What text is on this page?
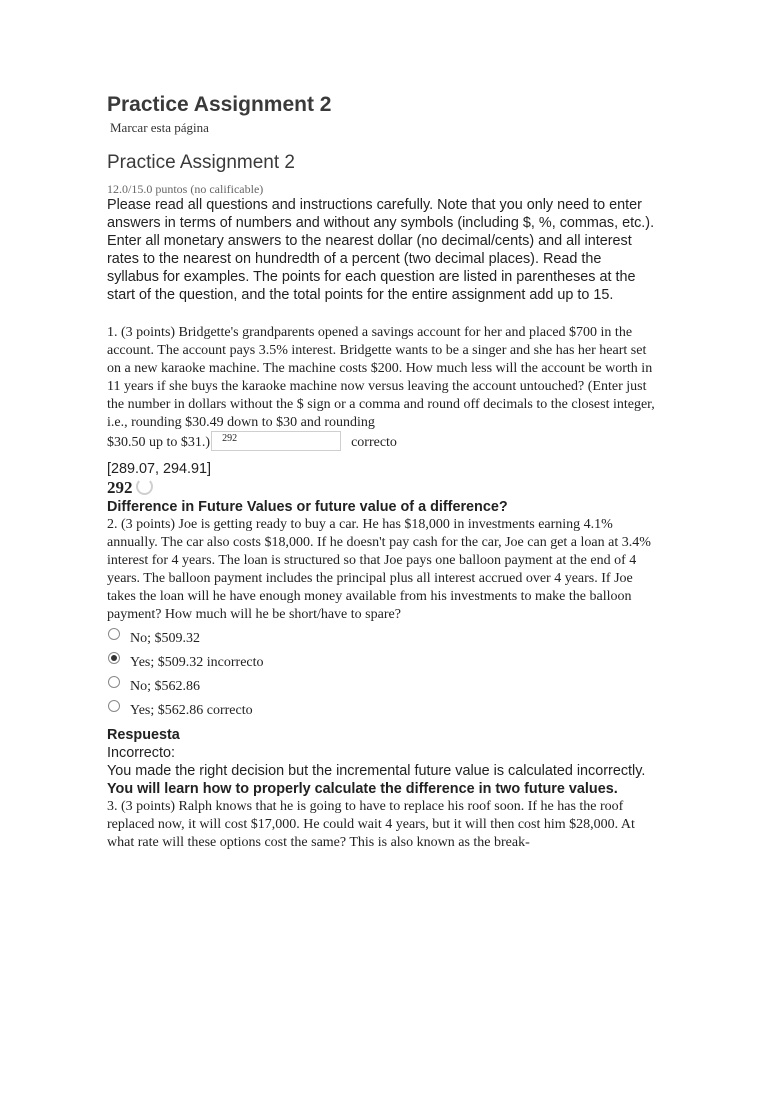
Practice Assignment 2
Marcar esta página
Practice Assignment 2
12.0/15.0 puntos (no calificable)
Please read all questions and instructions carefully. Note that you only need to enter answers in terms of numbers and without any symbols (including $, %, commas, etc.). Enter all monetary answers to the nearest dollar (no decimal/cents) and all interest rates to the nearest on hundredth of a percent (two decimal places). Read the syllabus for examples. The points for each question are listed in parentheses at the start of the question, and the total points for the entire assignment add up to 15.
1. (3 points) Bridgette's grandparents opened a savings account for her and placed $700 in the account. The account pays 3.5% interest. Bridgette wants to be a singer and she has her heart set on a new karaoke machine. The machine costs $200. How much less will the account be worth in 11 years if she buys the karaoke machine now versus leaving the account untouched? (Enter just the number in dollars without the $ sign or a comma and round off decimals to the closest integer, i.e., rounding $30.49 down to $30 and rounding
$30.50 up to $31.)	292	correcto
[289.07, 294.91]
292
Difference in Future Values or future value of a difference?
2. (3 points) Joe is getting ready to buy a car. He has $18,000 in investments earning 4.1% annually. The car also costs $18,000. If he doesn't pay cash for the car, Joe can get a loan at 3.4% interest for 4 years. The loan is structured so that Joe pays one balloon payment at the end of 4 years. The balloon payment includes the principal plus all interest accrued over 4 years. If Joe takes the loan will he have enough money available from his investments to make the balloon payment? How much will he be short/have to spare?
No; $509.32
Yes; $509.32 incorrecto
No; $562.86
Yes; $562.86 correcto
Respuesta
Incorrecto:
You made the right decision but the incremental future value is calculated incorrectly.
You will learn how to properly calculate the difference in two future values.
3. (3 points) Ralph knows that he is going to have to replace his roof soon. If he has the roof replaced now, it will cost $17,000. He could wait 4 years, but it will then cost him $28,000. At what rate will these options cost the same? This is also known as the break-
